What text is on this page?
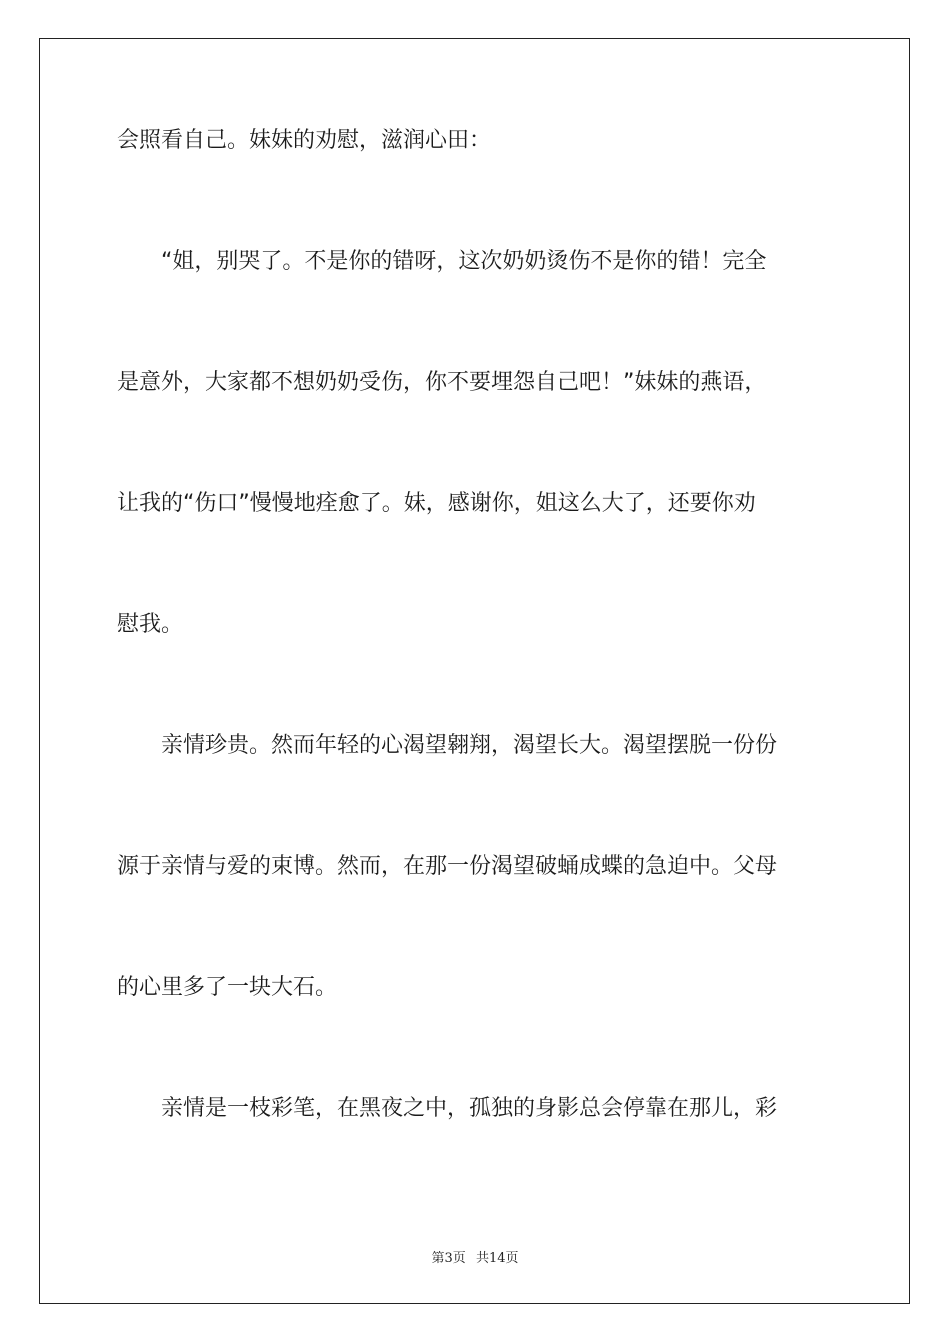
会照看自己。妹妹的劝慰，滋润心田：

　　“姐，别哭了。不是你的错呀，这次奶奶烫伤不是你的错！完全

是意外，大家都不想奶奶受伤，你不要埋怨自己吧！”妹妹的燕语，

让我的“伤口”慢慢地痊愈了。妹，感谢你，姐这么大了，还要你劝

慰我。

　　亲情珍贵。然而年轻的心渴望翱翔，渴望长大。渴望摆脱一份份

源于亲情与爱的束博。然而，在那一份渴望破蛹成蝶的急迫中。父母

的心里多了一块大石。

　　亲情是一枝彩笔，在黑夜之中，孤独的身影总会停靠在那儿，彩

第3页 共14页
